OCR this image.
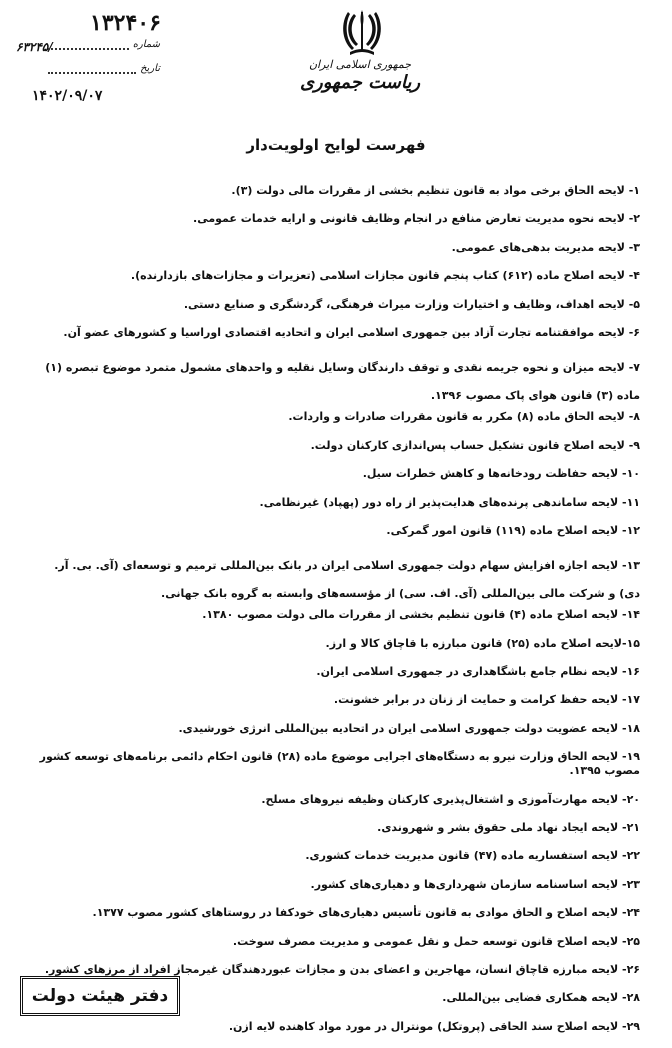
۱۳۲۴۰۶
۶۳۲۴۵/	شماره
تاریخ
۱۴۰۲/۰۹/۰۷
جمهوری اسلامی ایران
ریاست جمهوری
فهرست لوایح اولویت‌دار
۱- لایحه الحاق برخی مواد به قانون تنظیم بخشی از مقررات مالی دولت (۳).
۲- لایحه نحوه مدیریت تعارض منافع در انجام وظایف قانونی و ارایه خدمات عمومی.
۳- لایحه مدیریت بدهی‌های عمومی.
۴- لایحه اصلاح ماده (۶۱۲) کتاب پنجم قانون مجازات اسلامی (تعزیرات و مجازات‌های بازدارنده).
۵- لایحه اهداف، وظایف و اختیارات وزارت میراث فرهنگی، گردشگری و صنایع دستی.
۶- لایحه موافقتنامه تجارت آزاد بین جمهوری اسلامی ایران و اتحادیه اقتصادی اوراسیا و کشورهای عضو آن.
۷- لایحه میزان و نحوه جریمه نقدی و توقف دارندگان وسایل نقلیه و واحدهای مشمول متمرد موضوع تبصره (۱) ماده (۳) قانون هوای پاک مصوب ۱۳۹۶.
۸- لایحه الحاق ماده (۸) مکرر به قانون مقررات صادرات و واردات.
۹- لایحه اصلاح قانون تشکیل حساب پس‌اندازی کارکنان دولت.
۱۰- لایحه حفاظت رودخانه‌ها و کاهش خطرات سیل.
۱۱- لایحه ساماندهی پرنده‌های هدایت‌پذیر از راه دور (پهپاد) غیرنظامی.
۱۲- لایحه اصلاح ماده (۱۱۹) قانون امور گمرکی.
۱۳- لایحه اجازه افزایش سهام دولت جمهوری اسلامی ایران در بانک بین‌المللی ترمیم و توسعه‌ای (آی. بی. آر. دی) و شرکت مالی بین‌المللی (آی. اف. سی) از مؤسسه‌های وابسته به گروه بانک جهانی.
۱۴- لایحه اصلاح ماده (۴) قانون تنظیم بخشی از مقررات مالی دولت مصوب ۱۳۸۰.
۱۵-لایحه اصلاح ماده (۲۵) قانون مبارزه با قاچاق کالا و ارز.
۱۶- لایحه نظام جامع باشگاهداری در جمهوری اسلامی ایران.
۱۷- لایحه حفظ کرامت و حمایت از زنان در برابر خشونت.
۱۸- لایحه عضویت دولت جمهوری اسلامی ایران در اتحادیه بین‌المللی انرژی خورشیدی.
۱۹- لایحه الحاق وزارت نیرو به دستگاه‌های اجرایی موضوع ماده (۲۸) قانون احکام دائمی برنامه‌های توسعه کشور مصوب ۱۳۹۵.
۲۰- لایحه مهارت‌آموزی و اشتغال‌پذیری کارکنان وظیفه نیروهای مسلح.
۲۱- لایحه ایجاد نهاد ملی حقوق بشر و شهروندی.
۲۲- لایحه استفساریه ماده (۴۷) قانون مدیریت خدمات کشوری.
۲۳- لایحه اساسنامه سازمان شهرداری‌ها و دهیاری‌های کشور.
۲۴- لایحه اصلاح و الحاق موادی به قانون تأسیس دهیاری‌های خودکفا در روستاهای کشور مصوب ۱۳۷۷.
۲۵- لایحه اصلاح قانون توسعه حمل و نقل عمومی و مدیریت مصرف سوخت.
۲۶- لایحه مبارزه قاچاق انسان، مهاجرین و اعضای بدن و مجازات عبوردهندگان غیرمجاز افراد از مرزهای کشور.
۲۸- لایحه همکاری فضایی بین‌المللی.
۲۹- لایحه اصلاح سند الحاقی (پروتکل) مونترال در مورد مواد کاهنده لایه ازن.
دفتر هیئت دولت
